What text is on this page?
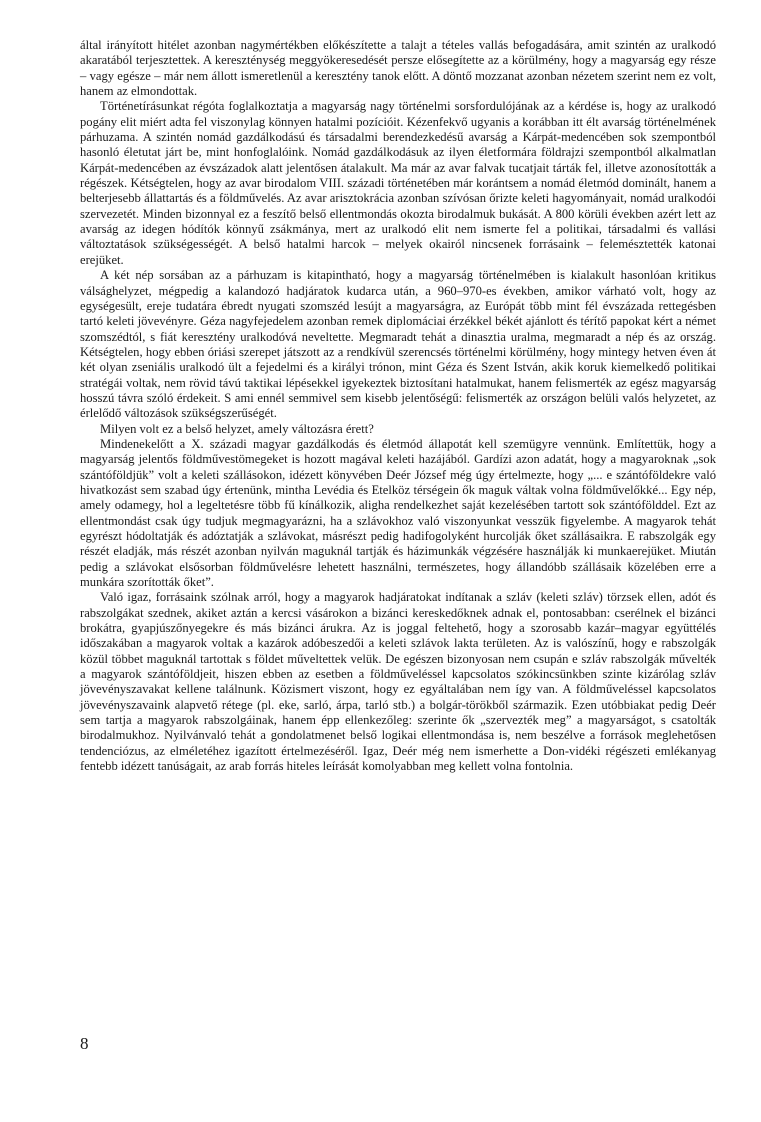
által irányított hitélet azonban nagymértékben előkészítette a talajt a tételes vallás befogadására, amit szintén az uralkodó akaratából terjesztettek. A kereszténység meggyökeresedését persze elősegítette az a körülmény, hogy a magyarság egy része – vagy egésze – már nem állott ismeretlenül a keresztény tanok előtt. A döntő mozzanat azonban nézetem szerint nem ez volt, hanem az elmondottak.

Történetírásunkat régóta foglalkoztatja a magyarság nagy történelmi sorsfordulójának az a kérdése is, hogy az uralkodó pogány elit miért adta fel viszonylag könnyen hatalmi pozícióit. Kézenfekvő ugyanis a korábban itt élt avarság történelmének párhuzama. A szintén nomád gazdálkodású és társadalmi berendezkedésű avarság a Kárpát-medencében sok szempontból hasonló életutat járt be, mint honfoglalóink. Nomád gazdálkodásuk az ilyen életformára földrajzi szempontból alkalmatlan Kárpát-medencében az évszázadok alatt jelentősen átalakult. Ma már az avar falvak tucatjait tárták fel, illetve azonosították a régészek. Kétségtelen, hogy az avar birodalom VIII. századi történetében már korántsem a nomád életmód dominált, hanem a belterjesebb állattartás és a földművelés. Az avar arisztokrácia azonban szívósan őrizte keleti hagyományait, nomád uralkodói szervezetét. Minden bizonnyal ez a feszítő belső ellentmondás okozta birodalmuk bukását. A 800 körüli években azért lett az avarság az idegen hódítók könnyű zsákmánya, mert az uralkodó elit nem ismerte fel a politikai, társadalmi és vallási változtatások szükségességét. A belső hatalmi harcok – melyek okairól nincsenek forrásaink – felemésztették katonai erejüket.

A két nép sorsában az a párhuzam is kitapintható, hogy a magyarság történelmében is kialakult hasonlóan kritikus válsághelyzet, mégpedig a kalandozó hadjáratok kudarca után, a 960–970-es években, amikor várható volt, hogy az egységesült, ereje tudatára ébredt nyugati szomszéd lesújt a magyarságra, az Európát több mint fél évszázada rettegésben tartó keleti jövevényre. Géza nagyfejedelem azonban remek diplomáciai érzékkel békét ajánlott és térítő papokat kért a német szomszédtól, s fiát keresztény uralkodóvá neveltette. Megmaradt tehát a dinasztia uralma, megmaradt a nép és az ország. Kétségtelen, hogy ebben óriási szerepet játszott az a rendkívül szerencsés történelmi körülmény, hogy mintegy hetven éven át két olyan zseniális uralkodó ült a fejedelmi és a királyi trónon, mint Géza és Szent István, akik koruk kiemelkedő politikai stratégái voltak, nem rövid távú taktikai lépésekkel igyekeztek biztosítani hatalmukat, hanem felismerték az egész magyarság hosszú távra szóló érdekeit. S ami ennél semmivel sem kisebb jelentőségű: felismerték az országon belüli valós helyzetet, az érlelődő változások szükségszerűségét.

Milyen volt ez a belső helyzet, amely változásra érett?

Mindenekelőtt a X. századi magyar gazdálkodás és életmód állapotát kell szemügyre vennünk. Említettük, hogy a magyarság jelentős földművestömegeket is hozott magával keleti hazájából. Gardízi azon adatát, hogy a magyaroknak „sok szántóföldjük” volt a keleti szállásokon, idézett könyvében Deér József még úgy értelmezte, hogy „... e szántóföldekre való hivatkozást sem szabad úgy értenünk, mintha Levédia és Etelköz térségein ők maguk váltak volna földművelőkké... Egy nép, amely odamegy, hol a legeltetésre több fű kínálkozik, aligha rendelkezhet saját kezelésében tartott sok szántófölddel. Ezt az ellentmondást csak úgy tudjuk megmagyarázni, ha a szlávokhoz való viszonyunkat vesszük figyelembe. A magyarok tehát egyrészt hódoltatják és adóztatják a szlávokat, másrészt pedig hadifogolyként hurcolják őket szállásaikra. E rabszolgák egy részét eladják, más részét azonban nyilván maguknál tartják és házimunkák végzésére használják ki munkaerejüket. Miután pedig a szlávokat elsősorban földművelésre lehetett használni, természetes, hogy állandóbb szállásaik közelében erre a munkára szorították őket”.

Való igaz, forrásaink szólnak arról, hogy a magyarok hadjáratokat indítanak a szláv (keleti szláv) törzsek ellen, adót és rabszolgákat szednek, akiket aztán a kercsi vásárokon a bizánci kereskedőknek adnak el, pontosabban: cserélnek el bizánci brokátra, gyapjúszőnyegekre és más bizánci árukra. Az is joggal feltehető, hogy a szorosabb kazár–magyar együttélés időszakában a magyarok voltak a kazárok adóbeszedői a keleti szlávok lakta területen. Az is valószínű, hogy e rabszolgák közül többet maguknál tartottak s földet műveltettek velük. De egészen bizonyosan nem csupán e szláv rabszolgák művelték a magyarok szántóföldjeit, hiszen ebben az esetben a földműveléssel kapcsolatos szókincsünkben szinte kizárólag szláv jövevényszavakat kellene találnunk. Közismert viszont, hogy ez egyáltalában nem így van. A földműveléssel kapcsolatos jövevényszavaink alapvető rétege (pl. eke, sarló, árpa, tarló stb.) a bolgár-törökből származik. Ezen utóbbiakat pedig Deér sem tartja a magyarok rabszolgáinak, hanem épp ellenkezőleg: szerinte ők „szervezték meg” a magyarságot, s csatolták birodalmukhoz. Nyilvánvaló tehát a gondolatmenet belső logikai ellentmondása is, nem beszélve a források meglehetősen tendenciózus, az elméletéhez igazított értelmezéséről. Igaz, Deér még nem ismerhette a Don-vidéki régészeti emlékanyag fentebb idézett tanúságait, az arab forrás hiteles leírását komolyabban meg kellett volna fontolnia.

8
